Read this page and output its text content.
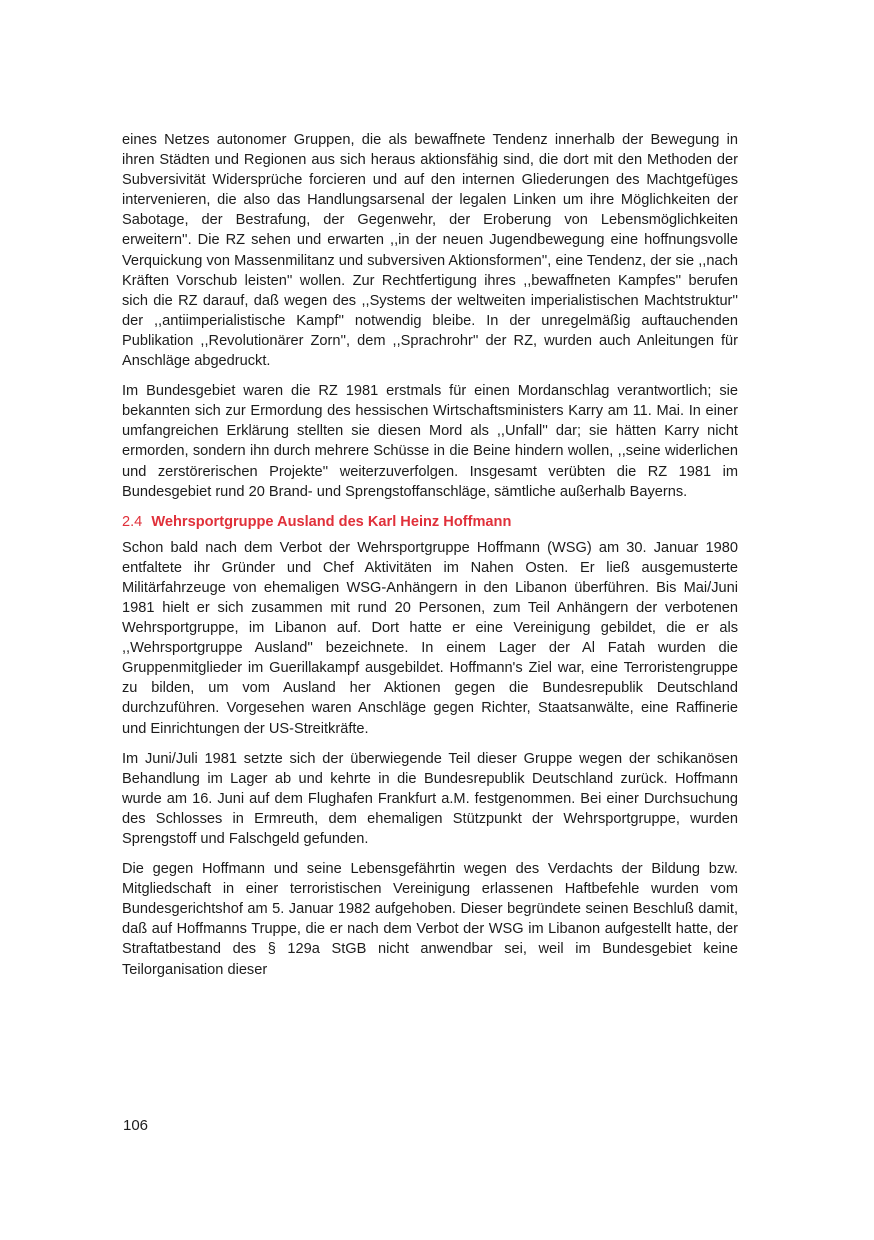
eines Netzes autonomer Gruppen, die als bewaffnete Tendenz innerhalb der Bewegung in ihren Städten und Regionen aus sich heraus aktionsfähig sind, die dort mit den Methoden der Subversivität Widersprüche forcieren und auf den internen Gliederungen des Machtgefüges intervenieren, die also das Handlungsarsenal der legalen Linken um ihre Möglichkeiten der Sabotage, der Bestrafung, der Gegenwehr, der Eroberung von Lebensmöglichkeiten erweitern''. Die RZ sehen und erwarten ,,in der neuen Jugendbewegung eine hoffnungsvolle Verquickung von Massenmilitanz und subversiven Aktionsformen'', eine Tendenz, der sie ,,nach Kräften Vorschub leisten'' wollen. Zur Rechtfertigung ihres ,,bewaffneten Kampfes'' berufen sich die RZ darauf, daß wegen des ,,Systems der weltweiten imperialistischen Machtstruktur'' der ,,antiimperialistische Kampf'' notwendig bleibe. In der unregelmäßig auftauchenden Publikation ,,Revolutionärer Zorn'', dem ,,Sprachrohr'' der RZ, wurden auch Anleitungen für Anschläge abgedruckt.

Im Bundesgebiet waren die RZ 1981 erstmals für einen Mordanschlag verantwortlich; sie bekannten sich zur Ermordung des hessischen Wirtschaftsministers Karry am 11. Mai. In einer umfangreichen Erklärung stellten sie diesen Mord als ,,Unfall'' dar; sie hätten Karry nicht ermorden, sondern ihn durch mehrere Schüsse in die Beine hindern wollen, ,,seine widerlichen und zerstörerischen Projekte'' weiterzuverfolgen. Insgesamt verübten die RZ 1981 im Bundesgebiet rund 20 Brand- und Sprengstoffanschläge, sämtliche außerhalb Bayerns.

2.4 Wehrsportgruppe Ausland des Karl Heinz Hoffmann

Schon bald nach dem Verbot der Wehrsportgruppe Hoffmann (WSG) am 30. Januar 1980 entfaltete ihr Gründer und Chef Aktivitäten im Nahen Osten. Er ließ ausgemusterte Militärfahrzeuge von ehemaligen WSG-Anhängern in den Libanon überführen. Bis Mai/Juni 1981 hielt er sich zusammen mit rund 20 Personen, zum Teil Anhängern der verbotenen Wehrsportgruppe, im Libanon auf. Dort hatte er eine Vereinigung gebildet, die er als ,,Wehrsportgruppe Ausland'' bezeichnete. In einem Lager der Al Fatah wurden die Gruppenmitglieder im Guerillakampf ausgebildet. Hoffmann's Ziel war, eine Terroristengruppe zu bilden, um vom Ausland her Aktionen gegen die Bundesrepublik Deutschland durchzuführen. Vorgesehen waren Anschläge gegen Richter, Staatsanwälte, eine Raffinerie und Einrichtungen der US-Streitkräfte.

Im Juni/Juli 1981 setzte sich der überwiegende Teil dieser Gruppe wegen der schikanösen Behandlung im Lager ab und kehrte in die Bundesrepublik Deutschland zurück. Hoffmann wurde am 16. Juni auf dem Flughafen Frankfurt a.M. festgenommen. Bei einer Durchsuchung des Schlosses in Ermreuth, dem ehemaligen Stützpunkt der Wehrsportgruppe, wurden Sprengstoff und Falschgeld gefunden.

Die gegen Hoffmann und seine Lebensgefährtin wegen des Verdachts der Bildung bzw. Mitgliedschaft in einer terroristischen Vereinigung erlassenen Haftbefehle wurden vom Bundesgerichtshof am 5. Januar 1982 aufgehoben. Dieser begründete seinen Beschluß damit, daß auf Hoffmanns Truppe, die er nach dem Verbot der WSG im Libanon aufgestellt hatte, der Straftatbestand des § 129a StGB nicht anwendbar sei, weil im Bundesgebiet keine Teilorganisation dieser

106
